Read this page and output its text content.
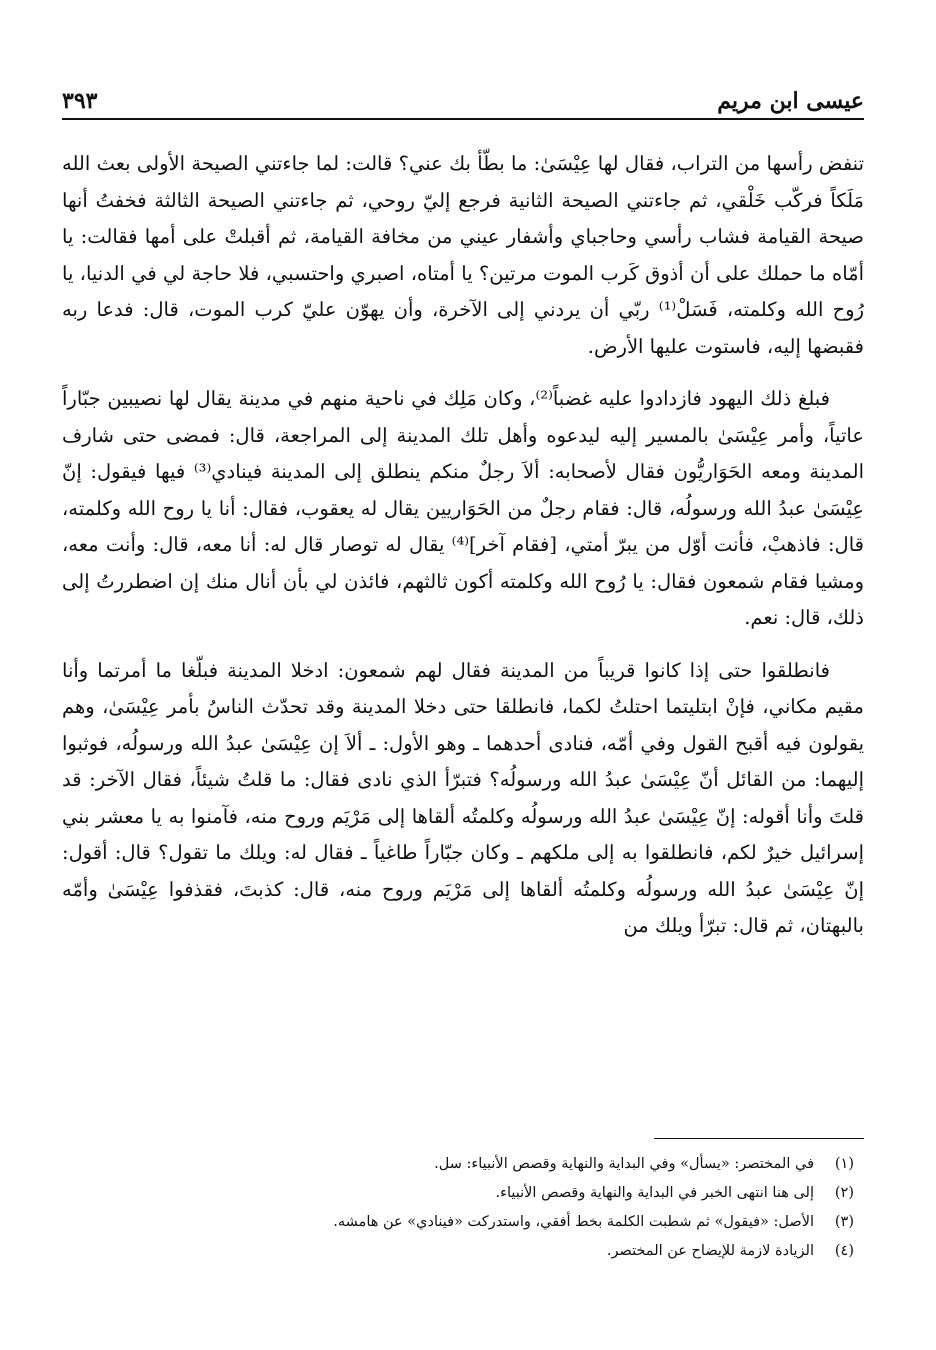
عيسى ابن مريم
٣٩٣

تنفض رأسها من التراب، فقال لها عِيْسَىٰ: ما بطّأ بك عني؟ قالت: لما جاءتني الصيحة الأولى بعث الله مَلَكاً فركّب خَلْقي، ثم جاءتني الصيحة الثانية فرجع إليّ روحي، ثم جاءتني الصيحة الثالثة فخفتُ أنها صيحة القيامة فشاب رأسي وحاجباي وأشفار عيني من مخافة القيامة، ثم أقبلتْ على أمها فقالت: يا أمّاه ما حملك على أن أذوق كَرب الموت مرتين؟ يا أمتاه، اصبري واحتسبي، فلا حاجة لي في الدنيا، يا رُوح الله وكلمته، فَسَلْ⁽¹⁾ ربّي أن يردني إلى الآخرة، وأن يهوّن عليّ كرب الموت، قال: فدعا ربه فقبضها إليه، فاستوت عليها الأرض.

فبلغ ذلك اليهود فازدادوا عليه غضباً⁽²⁾، وكان مَلِك في ناحية منهم في مدينة يقال لها نصيبين جبّاراً عاتياً، وأمر عِيْسَىٰ بالمسير إليه ليدعوه وأهل تلك المدينة إلى المراجعة، قال: فمضى حتى شارف المدينة ومعه الحَوَاريُّون فقال لأصحابه: ألاَ رجلٌ منكم ينطلق إلى المدينة فينادي⁽³⁾ فيها فيقول: إنّ عِيْسَىٰ عبدُ الله ورسولُه، قال: فقام رجلٌ من الحَوَاريين يقال له يعقوب، فقال: أنا يا روح الله وكلمته، قال: فاذهبْ، فأنت أوّل من يبرّ أمتي، [فقام آخر]⁽⁴⁾ يقال له توصار قال له: أنا معه، قال: وأنت معه، ومشيا فقام شمعون فقال: يا رُوح الله وكلمته أكون ثالثهم، فائذن لي بأن أنال منك إن اضطررتُ إلى ذلك، قال: نعم.

فانطلقوا حتى إذا كانوا قريباً من المدينة فقال لهم شمعون: ادخلا المدينة فبلّغا ما أمرتما وأنا مقيم مكاني، فإنْ ابتليتما احتلتُ لكما، فانطلقا حتى دخلا المدينة وقد تحدّث الناسُ بأمر عِيْسَىٰ، وهم يقولون فيه أقبح القول وفي أمّه، فنادى أحدهما ـ وهو الأول: ـ ألاَ إن عِيْسَىٰ عبدُ الله ورسولُه، فوثبوا إليهما: من القائل أنّ عِيْسَىٰ عبدُ الله ورسولُه؟ فتبرّأ الذي نادى فقال: ما قلتُ شيئاً، فقال الآخر: قد قلتَ وأنا أقوله: إنّ عِيْسَىٰ عبدُ الله ورسولُه وكلمتُه ألقاها إلى مَرْيَم وروح منه، فآمنوا به يا معشر بني إسرائيل خيرٌ لكم، فانطلقوا به إلى ملكهم ـ وكان جبّاراً طاغياً ـ فقال له: ويلك ما تقول؟ قال: أقول: إنّ عِيْسَىٰ عبدُ الله ورسولُه وكلمتُه ألقاها إلى مَرْيَم وروح منه، قال: كذبتَ، فقذفوا عِيْسَىٰ وأمّه بالبهتان، ثم قال: تبرّأ ويلك من

(١)
في المختصر: «يسأل» وفي البداية والنهاية وقصص الأنبياء: سل.
(٢)
إلى هنا انتهى الخبر في البداية والنهاية وقصص الأنبياء.
(٣)
الأصل: «فيقول» ثم شطبت الكلمة بخط أفقي، واستدركت «فينادي» عن هامشه.
(٤)
الزيادة لازمة للإيضاح عن المختصر.
